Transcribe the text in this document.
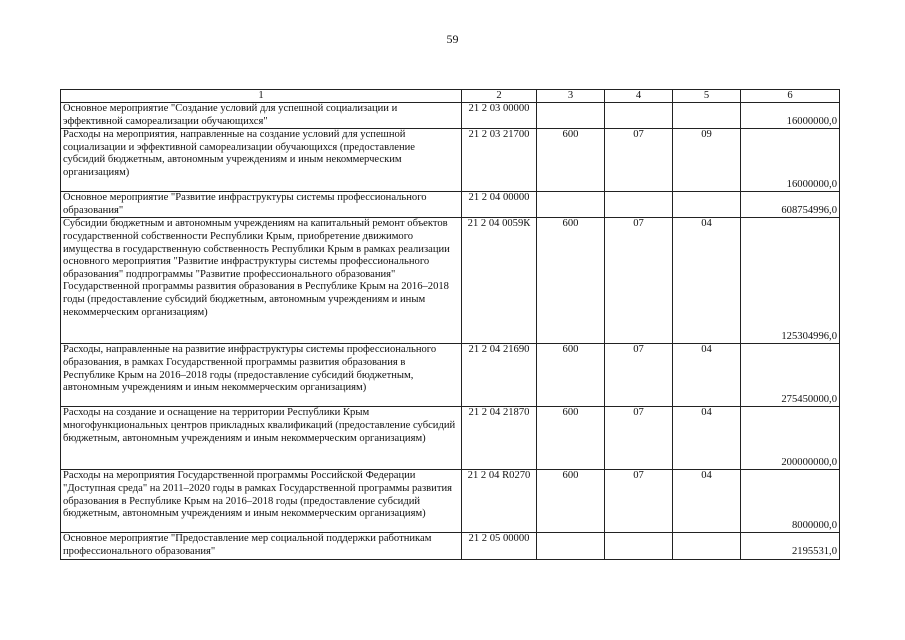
59
1	2	3	4	5	6
Основное мероприятие "Создание условий для успешной социализации и эффективной самореализации обучающихся"	21 2 03 00000				16000000,0
Расходы на мероприятия, направленные на создание условий для успешной социализации и эффективной самореализации обучающихся (предоставление субсидий бюджетным, автономным учреждениям и иным некоммерческим организациям)	21 2 03 21700	600	07	09	16000000,0
Основное мероприятие "Развитие инфраструктуры системы профессионального образования"	21 2 04 00000				608754996,0
Субсидии бюджетным и автономным учреждениям на капитальный ремонт объектов государственной собственности Республики Крым, приобретение движимого имущества в государственную собственность Республики Крым в рамках реализации основного мероприятия "Развитие инфраструктуры системы профессионального образования" подпрограммы "Развитие профессионального образования" Государственной программы развития образования в Республике Крым на 2016–2018 годы (предоставление субсидий бюджетным, автономным учреждениям и иным некоммерческим организациям)	21 2 04 0059К	600	07	04	125304996,0
Расходы, направленные на развитие инфраструктуры системы профессионального образования, в рамках Государственной программы развития образования в Республике Крым на 2016–2018 годы (предоставление субсидий бюджетным, автономным учреждениям и иным некоммерческим организациям)	21 2 04 21690	600	07	04	275450000,0
Расходы на создание и оснащение на территории Республики Крым многофункциональных центров прикладных квалификаций (предоставление субсидий бюджетным, автономным учреждениям и иным некоммерческим организациям)	21 2 04 21870	600	07	04	200000000,0
Расходы на мероприятия Государственной программы Российской Федерации "Доступная среда" на 2011–2020 годы в рамках Государственной программы развития образования в Республике Крым на 2016–2018 годы (предоставление субсидий бюджетным, автономным учреждениям и иным некоммерческим организациям)	21 2 04 R0270	600	07	04	8000000,0
Основное мероприятие "Предоставление мер социальной поддержки работникам профессионального образования"	21 2 05 00000				2195531,0
